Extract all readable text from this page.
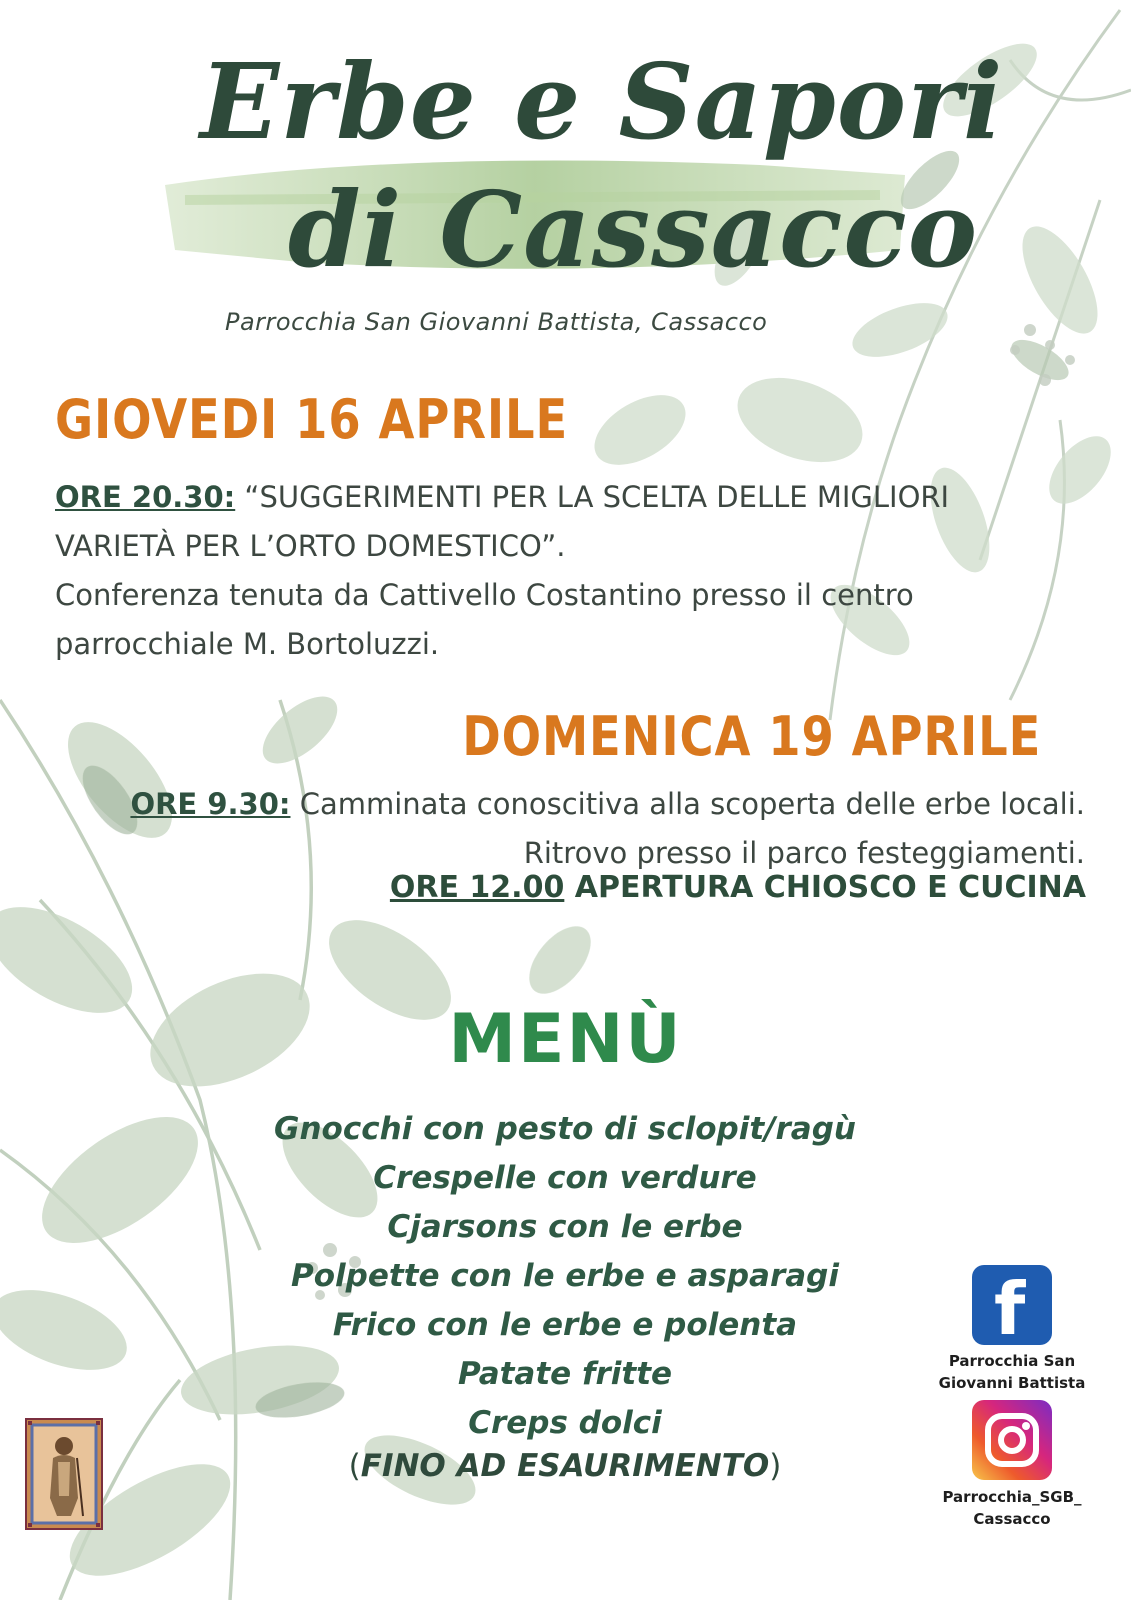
Erbe e Sapori
di Cassacco
Parrocchia San Giovanni Battista, Cassacco
GIOVEDI 16 APRILE
ORE 20.30: “SUGGERIMENTI PER LA SCELTA DELLE MIGLIORI VARIETÀ PER L’ORTO DOMESTICO”.
Conferenza tenuta da Cattivello Costantino presso il centro parrocchiale M. Bortoluzzi.
DOMENICA 19 APRILE
ORE 9.30: Camminata conoscitiva alla scoperta delle erbe locali. Ritrovo presso il parco festeggiamenti.
ORE 12.00 APERTURA CHIOSCO E CUCINA
MENÙ
Gnocchi con pesto di sclopit/ragù
Crespelle con verdure
Cjarsons con le erbe
Polpette con le erbe e asparagi
Frico con le erbe e polenta
Patate fritte
Creps dolci
(FINO AD ESAURIMENTO)
f
Parrocchia San
Giovanni Battista
Parrocchia_SGB_
Cassacco
